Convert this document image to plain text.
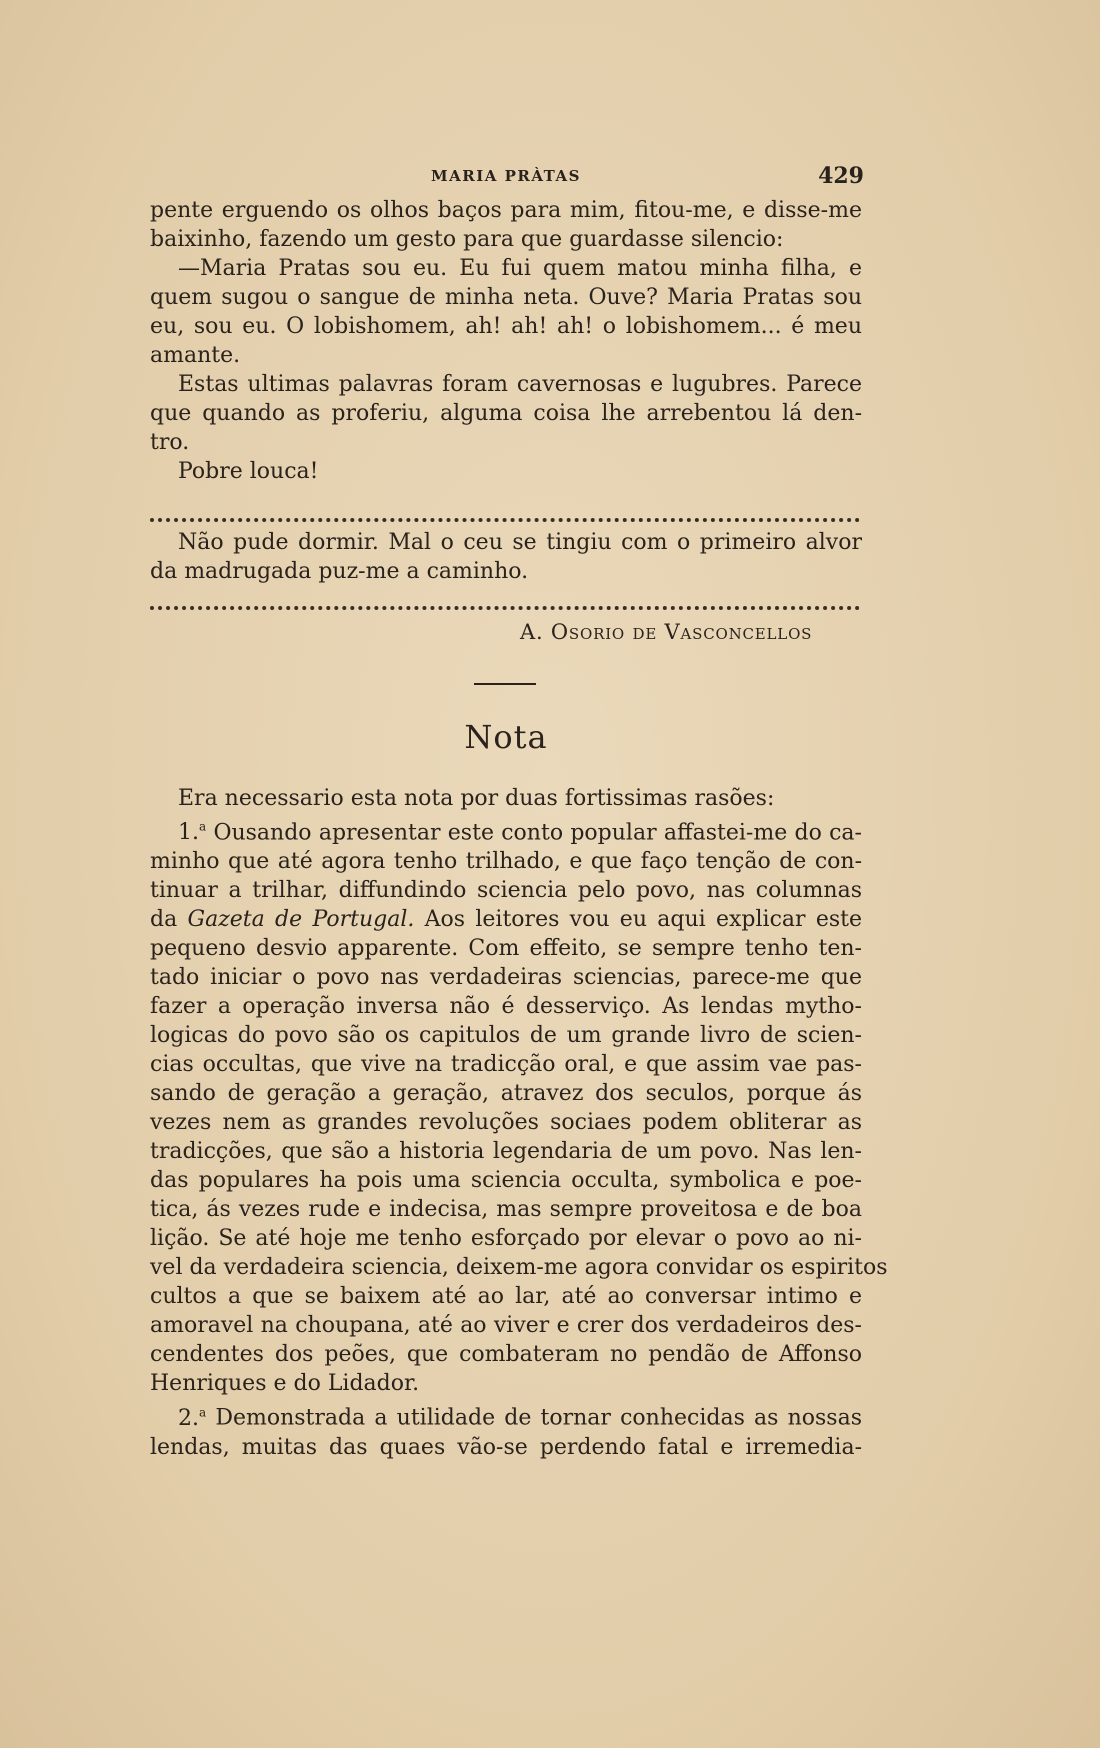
MARIA PRÀTAS	429
pente erguendo os olhos baços para mim, fitou-me, e disse-me
baixinho, fazendo um gesto para que guardasse silencio:
—Maria Pratas sou eu. Eu fui quem matou minha filha, e
quem sugou o sangue de minha neta. Ouve? Maria Pratas sou
eu, sou eu. O lobishomem, ah! ah! ah! o lobishomem... é meu
amante.
Estas ultimas palavras foram cavernosas e lugubres. Parece
que quando as proferiu, alguma coisa lhe arrebentou lá den-
tro.
Pobre louca!
Não pude dormir. Mal o ceu se tingiu com o primeiro alvor
da madrugada puz-me a caminho.
A. Osorio de Vasconcellos
Nota
Era necessario esta nota por duas fortissimas rasões:
1.$^a$ Ousando apresentar este conto popular affastei-me do ca-
minho que até agora tenho trilhado, e que faço tenção de con-
tinuar a trilhar, diffundindo sciencia pelo povo, nas columnas
da Gazeta de Portugal. Aos leitores vou eu aqui explicar este
pequeno desvio apparente. Com effeito, se sempre tenho ten-
tado iniciar o povo nas verdadeiras sciencias, parece-me que
fazer a operação inversa não é desserviço. As lendas mytho-
logicas do povo são os capitulos de um grande livro de scien-
cias occultas, que vive na tradicção oral, e que assim vae pas-
sando de geração a geração, atravez dos seculos, porque ás
vezes nem as grandes revoluções sociaes podem obliterar as
tradicções, que são a historia legendaria de um povo. Nas len-
das populares ha pois uma sciencia occulta, symbolica e poe-
tica, ás vezes rude e indecisa, mas sempre proveitosa e de boa
lição. Se até hoje me tenho esforçado por elevar o povo ao ni-
vel da verdadeira sciencia, deixem-me agora convidar os espiritos
cultos a que se baixem até ao lar, até ao conversar intimo e
amoravel na choupana, até ao viver e crer dos verdadeiros des-
cendentes dos peões, que combateram no pendão de Affonso
Henriques e do Lidador.
2.$^a$ Demonstrada a utilidade de tornar conhecidas as nossas
lendas, muitas das quaes vão-se perdendo fatal e irremedia-
